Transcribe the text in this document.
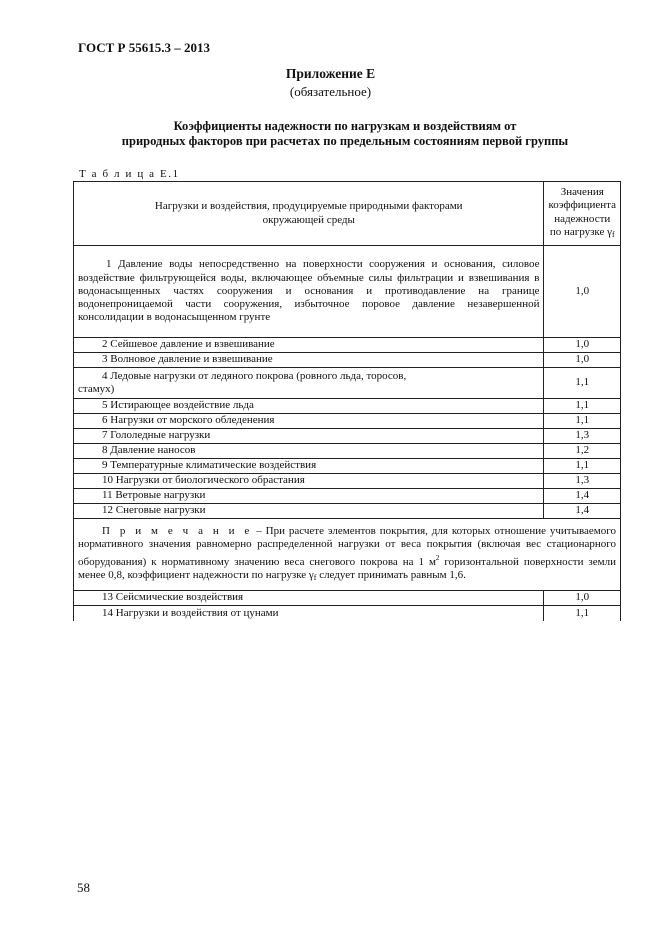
ГОСТ Р 55615.3 – 2013
Приложение Е
(обязательное)
Коэффициенты надежности по нагрузкам и воздействиям от
природных факторов при расчетах по предельным состояниям первой группы
Т а б л и ц а Е.1
Нагрузки и воздействия, продуцируемые природными факторами окружающей среды	Значения коэффициента надежности по нагрузке $\gamma_f$

1 Давление воды непосредственно на поверхности сооружения и основания, силовое воздействие фильтрующейся воды, включающее объемные силы фильтрации и взвешивания в водонасыщенных частях сооружения и основания и противодавление на границе водонепроницаемой части сооружения, избыточное поровое давление незавершенной консолидации в водонасыщенном грунте	1,0
2 Сейшевое давление и взвешивание	1,0
3 Волновое давление и взвешивание	1,0

4 Ледовые нагрузки от ледяного покрова (ровного льда, торосов, стамух)	1,1
5 Истирающее воздействие льда	1,1
6 Нагрузки от морского обледенения	1,1
7 Гололедные нагрузки	1,3
8 Давление наносов	1,2
9 Температурные климатические воздействия	1,1
10 Нагрузки от биологического обрастания	1,3
11 Ветровые нагрузки	1,4
12 Снеговые нагрузки	1,4
П р и м е ч а н и е – При расчете элементов покрытия, для которых отношение учитываемого нормативного значения равномерно распределенной нагрузки от веса покрытия (включая вес стационарного оборудования) к нормативному значению веса снегового покрова на 1 $м^2$ горизонтальной поверхности земли менее 0,8, коэффициент надежности по нагрузке $\gamma_f$ следует принимать равным 1,6.	
13 Сейсмические воздействия	1,0
14 Нагрузки и воздействия от цунами	1,1
58
